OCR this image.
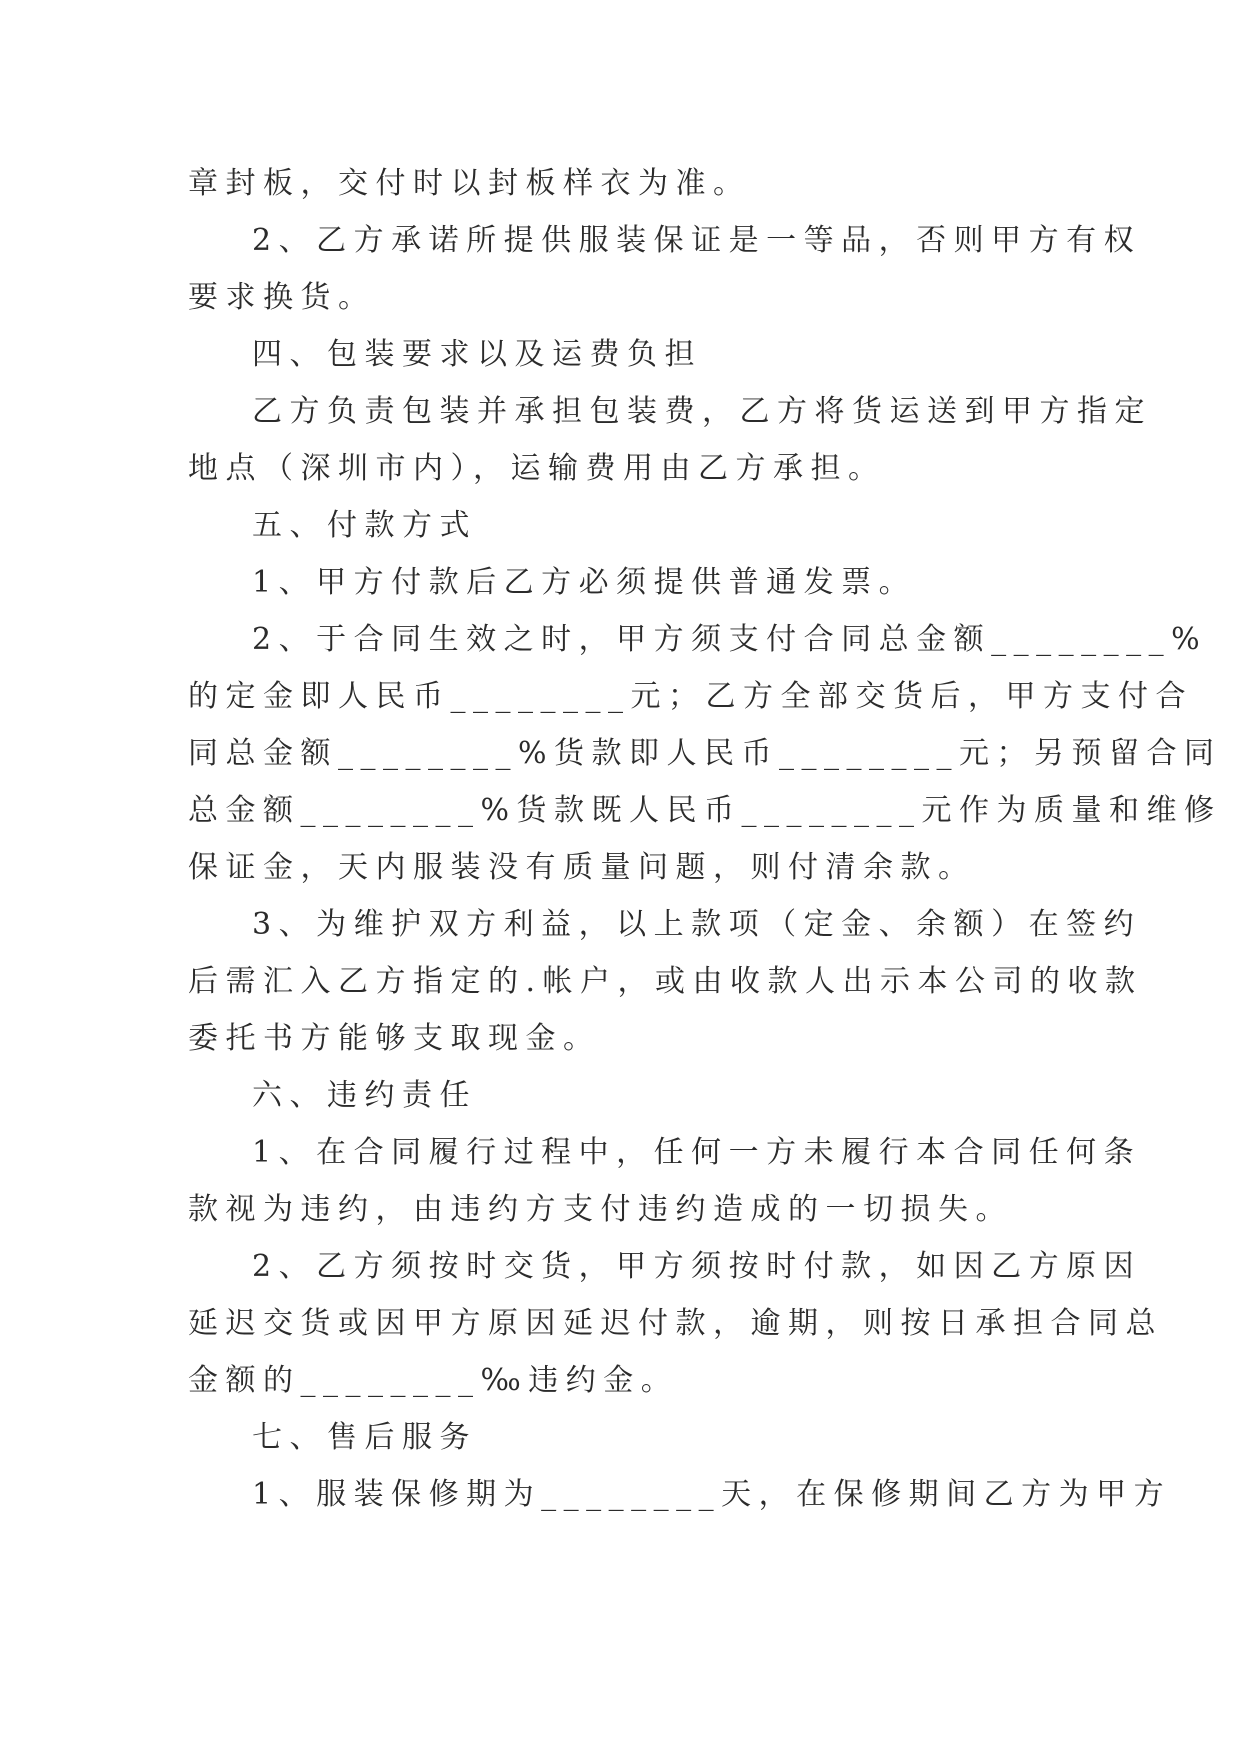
章封板，交付时以封板样衣为准。

2、乙方承诺所提供服装保证是一等品，否则甲方有权

要求换货。

四、包装要求以及运费负担

乙方负责包装并承担包装费，乙方将货运送到甲方指定

地点（深圳市内），运输费用由乙方承担。

五、付款方式

1、甲方付款后乙方必须提供普通发票。

2、于合同生效之时，甲方须支付合同总金额________%

的定金即人民币________元；乙方全部交货后，甲方支付合

同总金额________%货款即人民币________元；另预留合同

总金额________%货款既人民币________元作为质量和维修

保证金，天内服装没有质量问题，则付清余款。

3、为维护双方利益，以上款项（定金、余额）在签约

后需汇入乙方指定的.帐户，或由收款人出示本公司的收款

委托书方能够支取现金。

六、违约责任

1、在合同履行过程中，任何一方未履行本合同任何条

款视为违约，由违约方支付违约造成的一切损失。

2、乙方须按时交货，甲方须按时付款，如因乙方原因

延迟交货或因甲方原因延迟付款，逾期，则按日承担合同总

金额的________‰违约金。

七、售后服务

1、服装保修期为________天，在保修期间乙方为甲方
